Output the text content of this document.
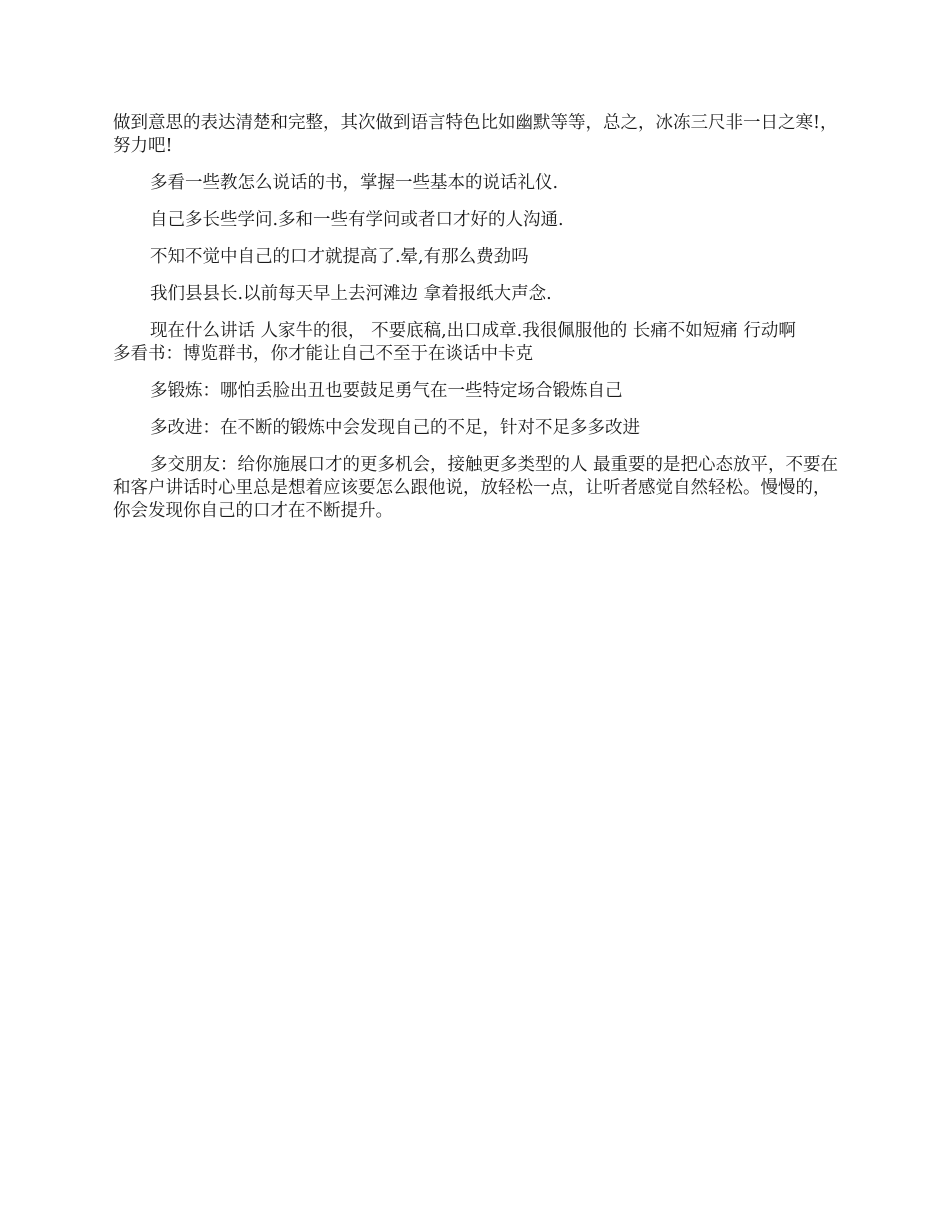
做到意思的表达清楚和完整，其次做到语言特色比如幽默等等，总之，冰冻三尺非一日之寒!，努力吧!

多看一些教怎么说话的书，掌握一些基本的说话礼仪.

自己多长些学问.多和一些有学问或者口才好的人沟通.

不知不觉中自己的口才就提高了.晕,有那么费劲吗

我们县县长.以前每天早上去河滩边 拿着报纸大声念.

现在什么讲话 人家牛的很， 不要底稿,出口成章.我很佩服他的 长痛不如短痛 行动啊

多看书：博览群书，你才能让自己不至于在谈话中卡克

多锻炼：哪怕丢脸出丑也要鼓足勇气在一些特定场合锻炼自己

多改进：在不断的锻炼中会发现自己的不足，针对不足多多改进

多交朋友：给你施展口才的更多机会，接触更多类型的人 最重要的是把心态放平，不要在和客户讲话时心里总是想着应该要怎么跟他说，放轻松一点，让听者感觉自然轻松。慢慢的，你会发现你自己的口才在不断提升。
